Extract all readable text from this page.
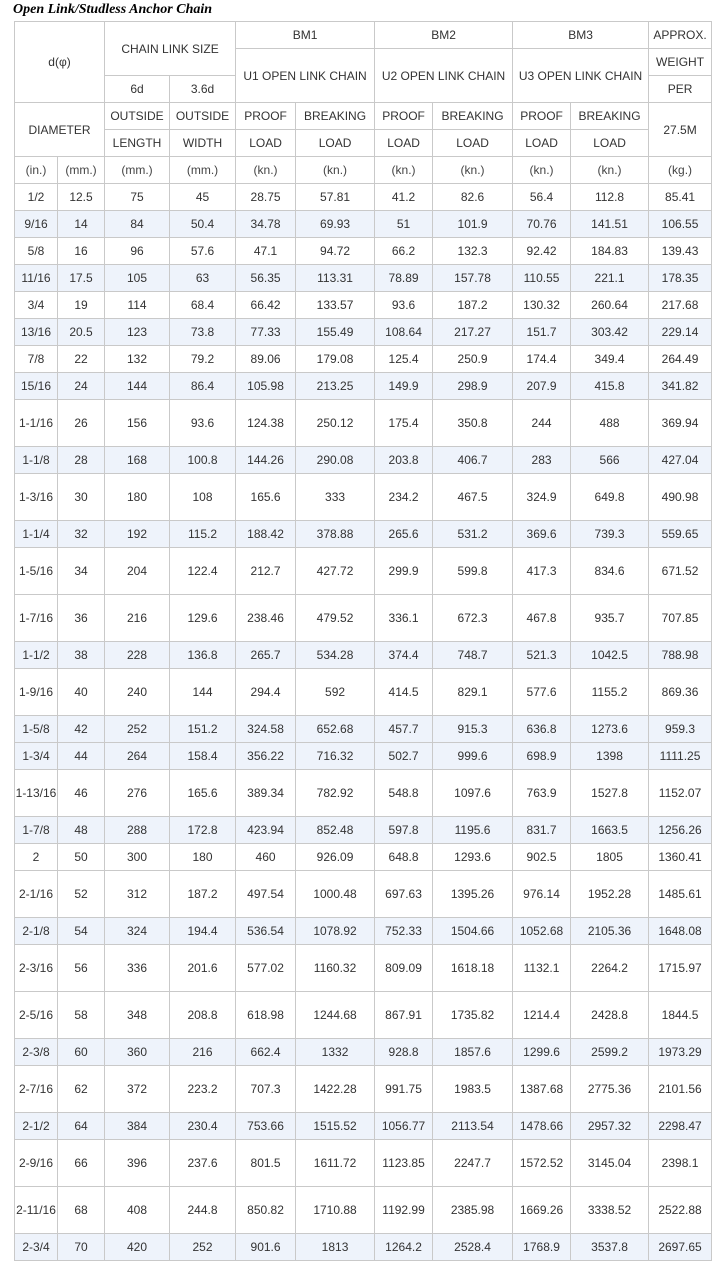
Open Link/Studless Anchor Chain
d(φ)		CHAIN LINK SIZE		BM1		BM2		BM3		APPROX.
				U1 OPEN LINK CHAIN		U2 OPEN LINK CHAIN		U3 OPEN LINK CHAIN		WEIGHT
		6d	3.6d							PER
DIAMETER		OUTSIDE	OUTSIDE	PROOF	BREAKING	PROOF	BREAKING	PROOF	BREAKING	27.5M
		LENGTH	WIDTH	LOAD	LOAD	LOAD	LOAD	LOAD	LOAD	
(in.)	(mm.)	(mm.)	(mm.)	(kn.)	(kn.)	(kn.)	(kn.)	(kn.)	(kn.)	(kg.)
1/2	12.5	75	45	28.75	57.81	41.2	82.6	56.4	112.8	85.41
9/16	14	84	50.4	34.78	69.93	51	101.9	70.76	141.51	106.55
5/8	16	96	57.6	47.1	94.72	66.2	132.3	92.42	184.83	139.43
11/16	17.5	105	63	56.35	113.31	78.89	157.78	110.55	221.1	178.35
3/4	19	114	68.4	66.42	133.57	93.6	187.2	130.32	260.64	217.68
13/16	20.5	123	73.8	77.33	155.49	108.64	217.27	151.7	303.42	229.14
7/8	22	132	79.2	89.06	179.08	125.4	250.9	174.4	349.4	264.49
15/16	24	144	86.4	105.98	213.25	149.9	298.9	207.9	415.8	341.82
1-1/16	26	156	93.6	124.38	250.12	175.4	350.8	244	488	369.94
1-1/8	28	168	100.8	144.26	290.08	203.8	406.7	283	566	427.04
1-3/16	30	180	108	165.6	333	234.2	467.5	324.9	649.8	490.98
1-1/4	32	192	115.2	188.42	378.88	265.6	531.2	369.6	739.3	559.65
1-5/16	34	204	122.4	212.7	427.72	299.9	599.8	417.3	834.6	671.52
1-7/16	36	216	129.6	238.46	479.52	336.1	672.3	467.8	935.7	707.85
1-1/2	38	228	136.8	265.7	534.28	374.4	748.7	521.3	1042.5	788.98
1-9/16	40	240	144	294.4	592	414.5	829.1	577.6	1155.2	869.36
1-5/8	42	252	151.2	324.58	652.68	457.7	915.3	636.8	1273.6	959.3
1-3/4	44	264	158.4	356.22	716.32	502.7	999.6	698.9	1398	1111.25
1-13/16	46	276	165.6	389.34	782.92	548.8	1097.6	763.9	1527.8	1152.07
1-7/8	48	288	172.8	423.94	852.48	597.8	1195.6	831.7	1663.5	1256.26
2	50	300	180	460	926.09	648.8	1293.6	902.5	1805	1360.41
2-1/16	52	312	187.2	497.54	1000.48	697.63	1395.26	976.14	1952.28	1485.61
2-1/8	54	324	194.4	536.54	1078.92	752.33	1504.66	1052.68	2105.36	1648.08
2-3/16	56	336	201.6	577.02	1160.32	809.09	1618.18	1132.1	2264.2	1715.97
2-5/16	58	348	208.8	618.98	1244.68	867.91	1735.82	1214.4	2428.8	1844.5
2-3/8	60	360	216	662.4	1332	928.8	1857.6	1299.6	2599.2	1973.29
2-7/16	62	372	223.2	707.3	1422.28	991.75	1983.5	1387.68	2775.36	2101.56
2-1/2	64	384	230.4	753.66	1515.52	1056.77	2113.54	1478.66	2957.32	2298.47
2-9/16	66	396	237.6	801.5	1611.72	1123.85	2247.7	1572.52	3145.04	2398.1
2-11/16	68	408	244.8	850.82	1710.88	1192.99	2385.98	1669.26	3338.52	2522.88
2-3/4	70	420	252	901.6	1813	1264.2	2528.4	1768.9	3537.8	2697.65
